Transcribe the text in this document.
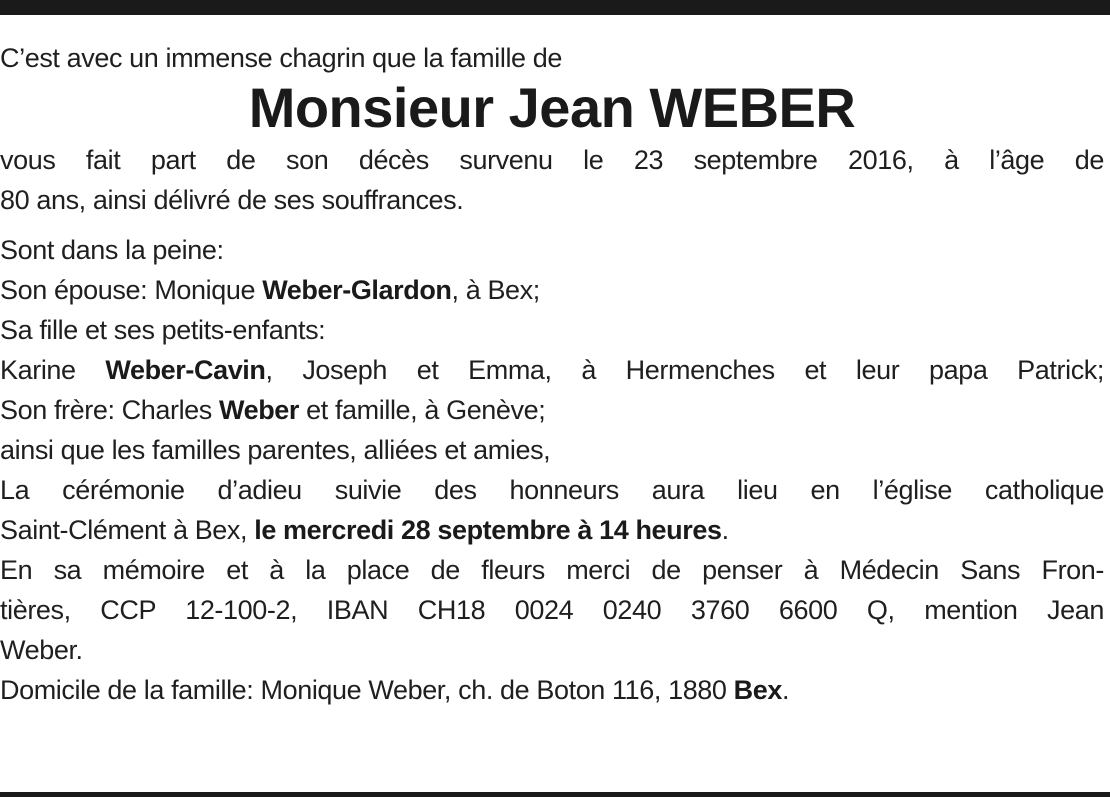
C’est avec un immense chagrin que la famille de
Monsieur Jean WEBER
vous fait part de son décès survenu le 23 septembre 2016, à l’âge de
80 ans, ainsi délivré de ses souffrances.
Sont dans la peine:
Son épouse: Monique Weber-Glardon, à Bex;
Sa fille et ses petits-enfants:
Karine Weber-Cavin, Joseph et Emma, à Hermenches et leur papa Patrick;
Son frère: Charles Weber et famille, à Genève;
ainsi que les familles parentes, alliées et amies,
La cérémonie d’adieu suivie des honneurs aura lieu en l’église catholique
Saint-Clément à Bex, le mercredi 28 septembre à 14 heures.
En sa mémoire et à la place de fleurs merci de penser à Médecin Sans Fron-
tières, CCP 12-100-2, IBAN CH18 0024 0240 3760 6600 Q, mention Jean
Weber.
Domicile de la famille: Monique Weber, ch. de Boton 116, 1880 Bex.
